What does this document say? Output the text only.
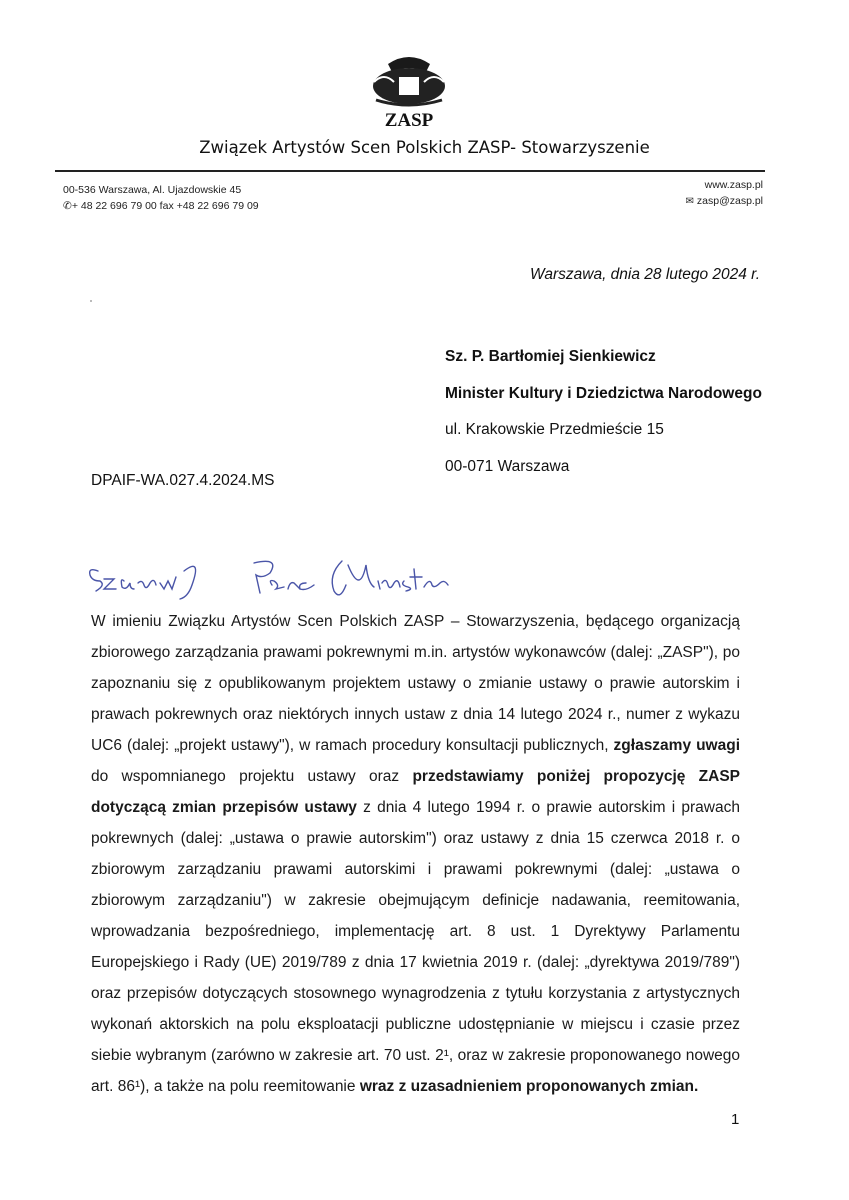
ZASP
Związek Artystów Scen Polskich ZASP- Stowarzyszenie
00-536 Warszawa, Al. Ujazdowskie 45
✆+ 48 22 696 79 00 fax +48 22 696 79 09
www.zasp.pl
✉ zasp@zasp.pl
Warszawa, dnia 28 lutego 2024 r.
Sz. P. Bartłomiej Sienkiewicz
Minister Kultury i Dziedzictwa Narodowego
ul. Krakowskie Przedmieście 15
00-071 Warszawa
DPAIF-WA.027.4.2024.MS
Szanowny Panie Ministrze,
W imieniu Związku Artystów Scen Polskich ZASP – Stowarzyszenia, będącego organizacją zbiorowego zarządzania prawami pokrewnymi m.in. artystów wykonawców (dalej: „ZASP"), po zapoznaniu się z opublikowanym projektem ustawy o zmianie ustawy o prawie autorskim i prawach pokrewnych oraz niektórych innych ustaw z dnia 14 lutego 2024 r., numer z wykazu UC6 (dalej: „projekt ustawy"), w ramach procedury konsultacji publicznych, zgłaszamy uwagi do wspomnianego projektu ustawy oraz przedstawiamy poniżej propozycję ZASP dotyczącą zmian przepisów ustawy z dnia 4 lutego 1994 r. o prawie autorskim i prawach pokrewnych (dalej: „ustawa o prawie autorskim") oraz ustawy z dnia 15 czerwca 2018 r. o zbiorowym zarządzaniu prawami autorskimi i prawami pokrewnymi (dalej: „ustawa o zbiorowym zarządzaniu") w zakresie obejmującym definicje nadawania, reemitowania, wprowadzania bezpośredniego, implementację art. 8 ust. 1 Dyrektywy Parlamentu Europejskiego i Rady (UE) 2019/789 z dnia 17 kwietnia 2019 r. (dalej: „dyrektywa 2019/789") oraz przepisów dotyczących stosownego wynagrodzenia z tytułu korzystania z artystycznych wykonań aktorskich na polu eksploatacji publiczne udostępnianie w miejscu i czasie przez siebie wybranym (zarówno w zakresie art. 70 ust. 2¹, oraz w zakresie proponowanego nowego art. 86¹), a także na polu reemitowanie wraz z uzasadnieniem proponowanych zmian.
1
